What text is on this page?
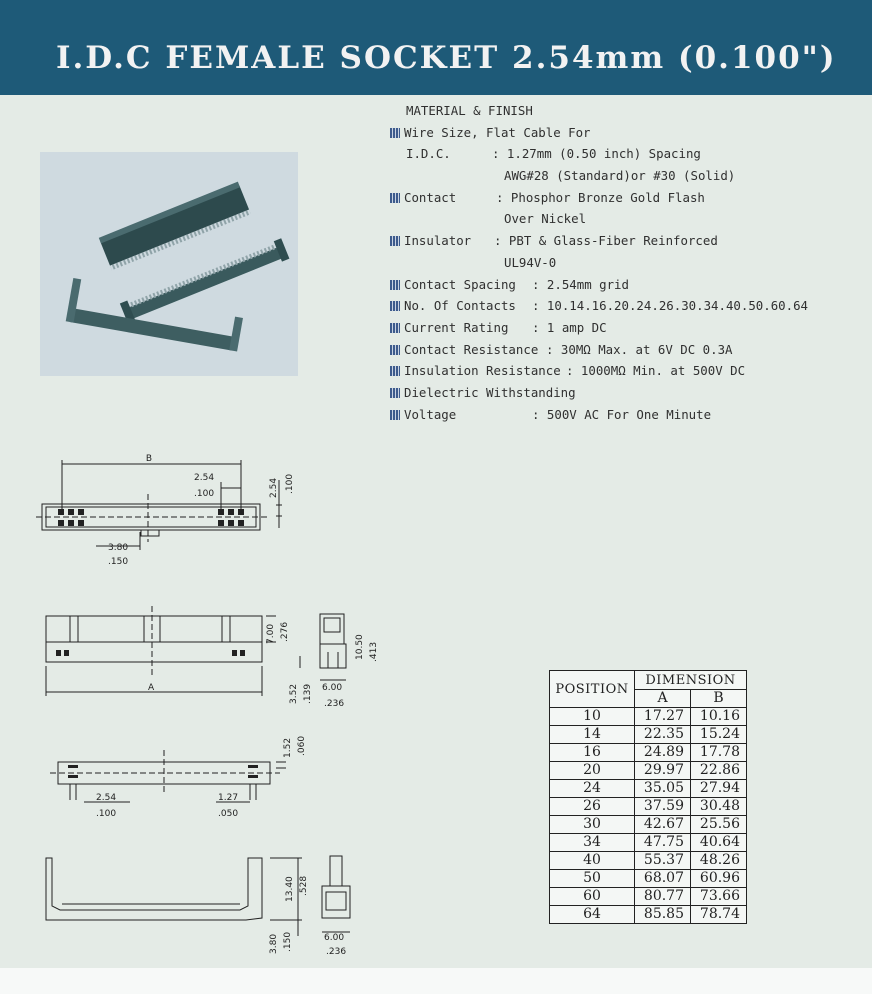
I.D.C FEMALE SOCKET 2.54mm (0.100")
MATERIAL & FINISH
Wire Size, Flat Cable For
I.D.C.	: 1.27mm (0.50 inch) Spacing
AWG#28 (Standard)or #30 (Solid)
Contact	: Phosphor Bronze Gold Flash
Over Nickel
Insulator : PBT & Glass-Fiber Reinforced
UL94V-0
Contact Spacing : 2.54mm grid
No. Of Contacts : 10.14.16.20.24.26.30.34.40.50.60.64
Current Rating : 1 amp DC
Contact Resistance : 30MΩ Max. at 6V DC 0.3A
Insulation Resistance : 1000MΩ Min. at 500V DC
Dielectric Withstanding
Voltage	: 500V AC For One Minute
B
2.54
.100	2.54 .100
3.80
.150
A
7.00 .276
3.52 .139
10.50 .413
6.00
.236
1.52 .060
2.54
.100
1.27
.050
13.40 .528
3.80 .150	6.00
.236
POSITION	DIMENSION	
	A	B
10	17.27	10.16
14	22.35	15.24
16	24.89	17.78
20	29.97	22.86
24	35.05	27.94
26	37.59	30.48
30	42.67	25.56
34	47.75	40.64
40	55.37	48.26
50	68.07	60.96
60	80.77	73.66
64	85.85	78.74
